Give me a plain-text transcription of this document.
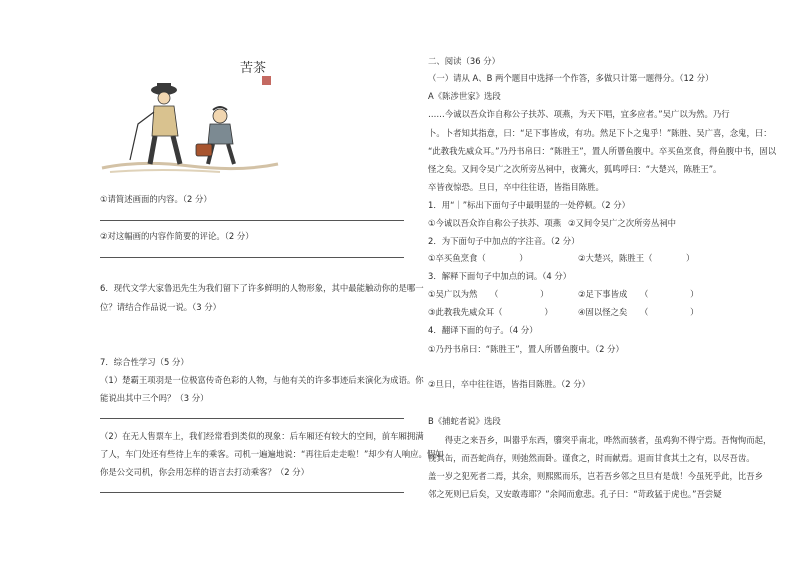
苦茶
①请简述画面的内容。（2 分）
②对这幅画的内容作简要的评论。（2 分）
6．现代文学大家鲁迅先生为我们留下了许多鲜明的人物形象，其中最能触动你的是哪一
位？请结合作品说一说。（3 分）
7．综合性学习（5 分）
（1）楚霸王项羽是一位极富传奇色彩的人物，与他有关的许多事迹后来演化为成语。你
能说出其中三个吗？（3 分）
（2）在无人售票车上，我们经常看到类似的现象：后车厢还有较大的空间，前车厢拥满
了人，车门处还有些待上车的乘客。司机一遍遍地说：“再往后走走啦！”却少有人响应。假如
你是公交司机，你会用怎样的语言去打动乘客？（2 分）
二、阅读（36 分）
（一）请从 A、B 两个题目中选择一个作答，多做只计第一题得分。（12 分）
A《陈涉世家》选段
……今诚以吾众诈自称公子扶苏、项燕，为天下唱，宜多应者。”吴广以为然。乃行
卜。卜者知其指意，曰：“足下事皆成，有功。然足下卜之鬼乎！”陈胜、吴广喜，念鬼，曰：
“此教我先威众耳。”乃丹书帛曰：“陈胜王”，置人所罾鱼腹中。卒买鱼烹食，得鱼腹中书，固以
怪之矣。又间令吴广之次所旁丛祠中，夜篝火，狐鸣呼曰：“大楚兴，陈胜王”。
卒皆夜惊恐。旦日，卒中往往语，皆指目陈胜。
1．用“｜”标出下面句子中最明显的一处停顿。（2 分）
①今诚以吾众诈自称公子扶苏、项燕 ②又间令吴广之次所旁丛祠中
2．为下面句子中加点的字注音。（2 分）
①卒买鱼烹食（　　　　）	②大楚兴，陈胜王（　　　　）
3．解释下面句子中加点的词。（4 分）
①吴广以为然　　（　　　　　）	②足下事皆成　　（　　　　　）
③此教我先威众耳（　　　　　）	④固以怪之矣　　（　　　　　）
4．翻译下面的句子。（4 分）
①乃丹书帛曰：“陈胜王”，置人所罾鱼腹中。（2 分）
②旦日，卒中往往语，皆指目陈胜。（2 分）
B《捕蛇者说》选段
　　得吏之来吾乡，叫嚣乎东西，隳突乎南北，哗然而骇者，虽鸡狗不得宁焉。吾恂恂而起，
视其缶，而吾蛇尚存，则弛然而卧。谨食之，时而献焉。退而甘食其土之有，以尽吾齿。
盖一岁之犯死者二焉，其余，则熙熙而乐，岂若吾乡邻之旦旦有是哉！今虽死乎此，比吾乡
邻之死则已后矣，又安敢毒耶？”余闻而愈悲。孔子曰：“苛政猛于虎也。”吾尝疑
